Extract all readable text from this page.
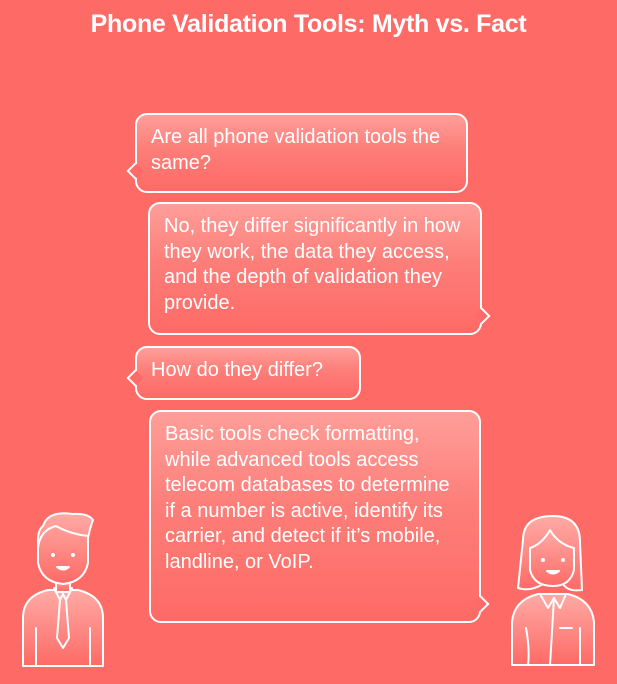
Phone Validation Tools: Myth vs. Fact
Are all phone validation tools the same?
No, they differ significantly in how they work, the data they access, and the depth of validation they provide.
How do they differ?
Basic tools check formatting, while advanced tools access telecom databases to determine if a number is active, identify its carrier, and detect if it’s mobile, landline, or VoIP.
